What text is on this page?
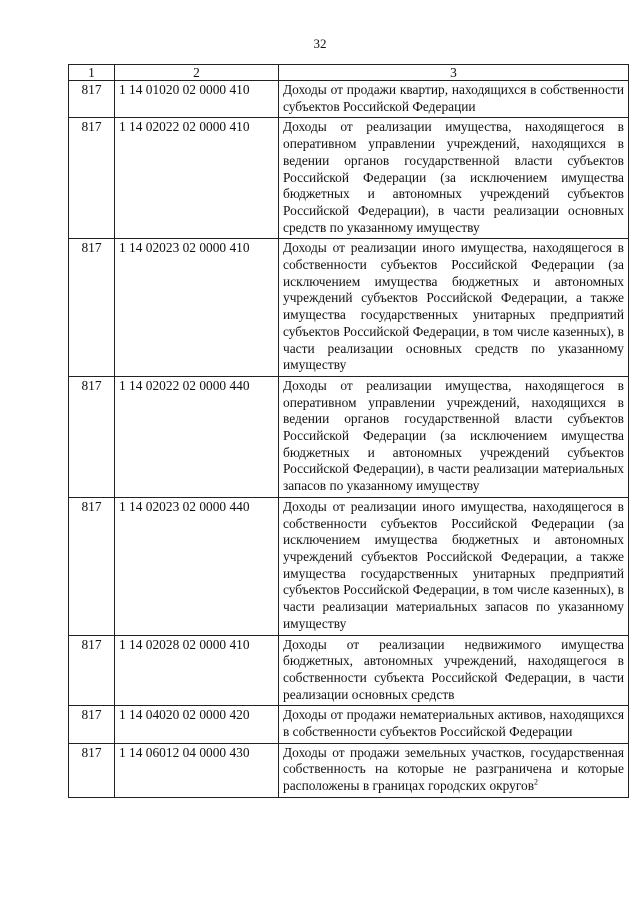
32
1	2	3
817	1 14 01020 02 0000 410	Доходы от продажи квартир, находящихся в собственности субъектов Российской Федерации
817	1 14 02022 02 0000 410	Доходы от реализации имущества, находящегося в оперативном управлении учреждений, находящихся в ведении органов государственной власти субъектов Российской Федерации (за исключением имущества бюджетных и автономных учреждений субъектов Российской Федерации), в части реализации основных средств по указанному имуществу
817	1 14 02023 02 0000 410	Доходы от реализации иного имущества, находящегося в собственности субъектов Российской Федерации (за исключением имущества бюджетных и автономных учреждений субъектов Российской Федерации, а также имущества государственных унитарных предприятий субъектов Российской Федерации, в том числе казенных), в части реализации основных средств по указанному имуществу
817	1 14 02022 02 0000 440	Доходы от реализации имущества, находящегося в оперативном управлении учреждений, находящихся в ведении органов государственной власти субъектов Российской Федерации (за исключением имущества бюджетных и автономных учреждений субъектов Российской Федерации), в части реализации материальных запасов по указанному имуществу
817	1 14 02023 02 0000 440	Доходы от реализации иного имущества, находящегося в собственности субъектов Российской Федерации (за исключением имущества бюджетных и автономных учреждений субъектов Российской Федерации, а также имущества государственных унитарных предприятий субъектов Российской Федерации, в том числе казенных), в части реализации материальных запасов по указанному имуществу
817	1 14 02028 02 0000 410	Доходы от реализации недвижимого имущества бюджетных, автономных учреждений, находящегося в собственности субъекта Российской Федерации, в части реализации основных средств
817	1 14 04020 02 0000 420	Доходы от продажи нематериальных активов, находящихся в собственности субъектов Российской Федерации
817	1 14 06012 04 0000 430	Доходы от продажи земельных участков, государственная собственность на которые не разграничена и которые расположены в границах городских округов$^2$
